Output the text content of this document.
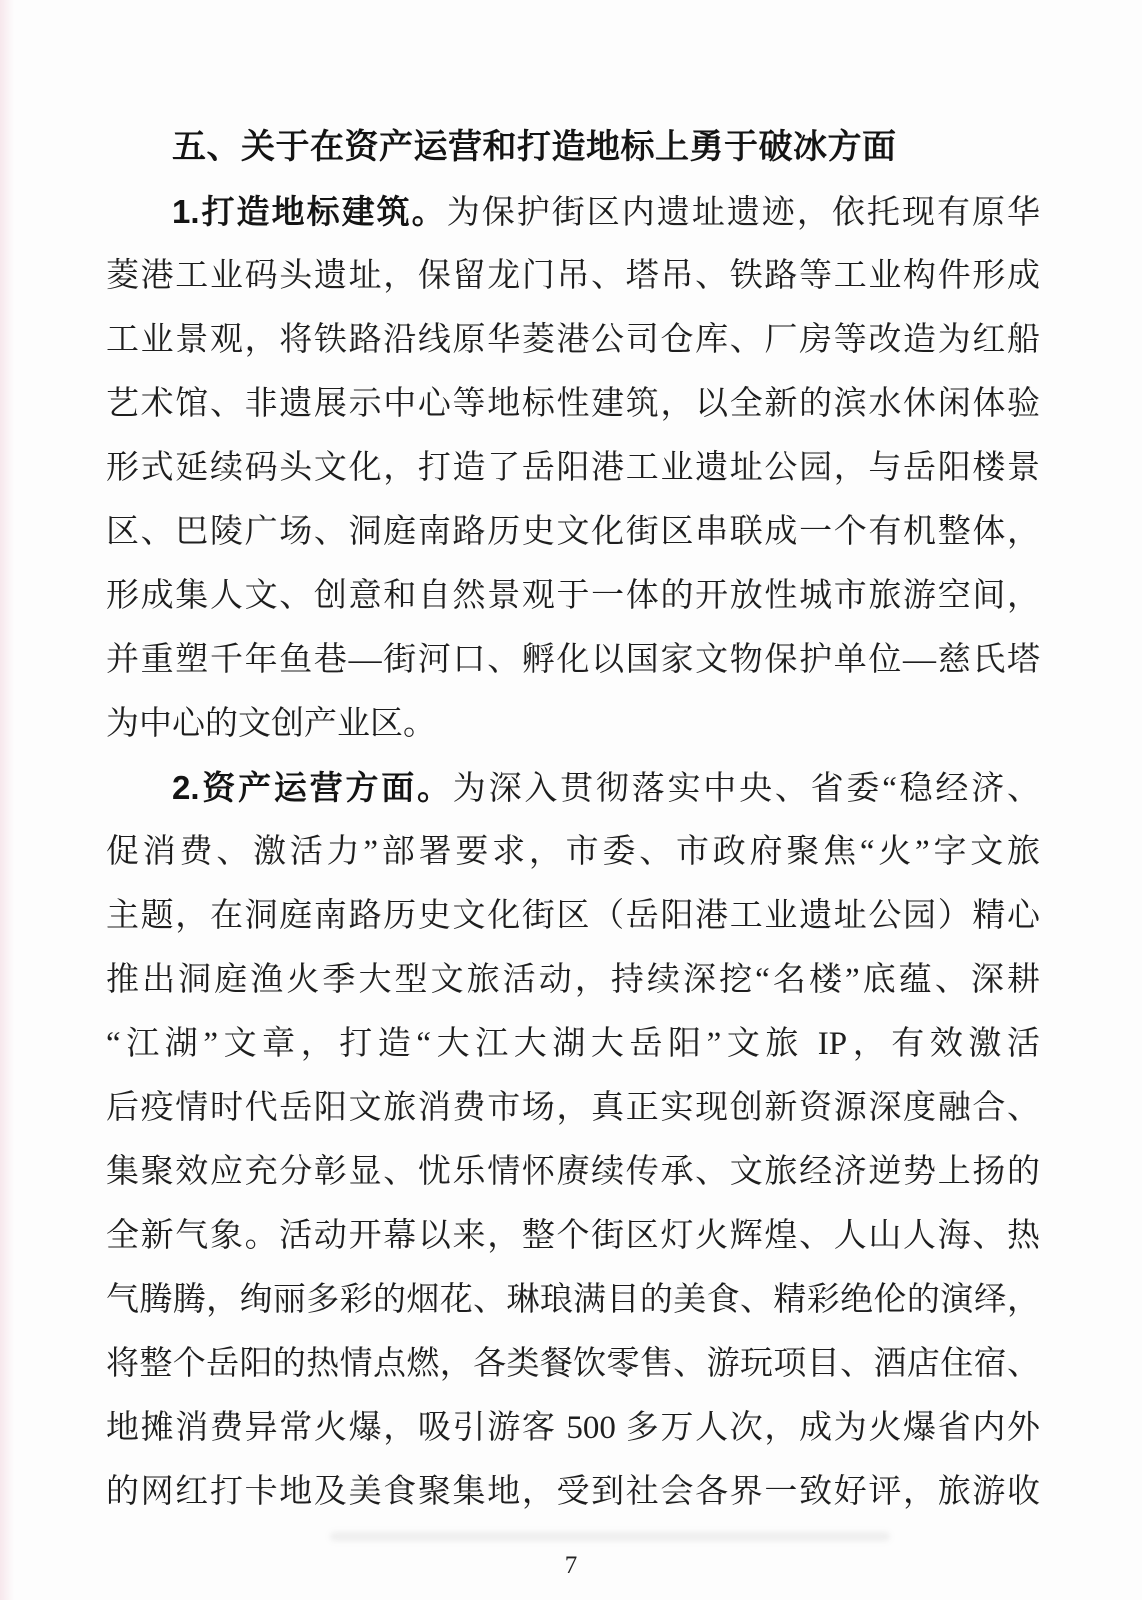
五、关于在资产运营和打造地标上勇于破冰方面
1.打造地标建筑。为保护街区内遗址遗迹，依托现有原华
菱港工业码头遗址，保留龙门吊、塔吊、铁路等工业构件形成
工业景观，将铁路沿线原华菱港公司仓库、厂房等改造为红船
艺术馆、非遗展示中心等地标性建筑，以全新的滨水休闲体验
形式延续码头文化，打造了岳阳港工业遗址公园，与岳阳楼景
区、巴陵广场、洞庭南路历史文化街区串联成一个有机整体，
形成集人文、创意和自然景观于一体的开放性城市旅游空间，
并重塑千年鱼巷—街河口、孵化以国家文物保护单位—慈氏塔
为中心的文创产业区。
2.资产运营方面。为深入贯彻落实中央、省委“稳经济、
促消费、激活力”部署要求，市委、市政府聚焦“火”字文旅
主题，在洞庭南路历史文化街区（岳阳港工业遗址公园）精心
推出洞庭渔火季大型文旅活动，持续深挖“名楼”底蕴、深耕
“江湖”文章，打造“大江大湖大岳阳”文旅 IP，有效激活
后疫情时代岳阳文旅消费市场，真正实现创新资源深度融合、
集聚效应充分彰显、忧乐情怀赓续传承、文旅经济逆势上扬的
全新气象。活动开幕以来，整个街区灯火辉煌、人山人海、热
气腾腾，绚丽多彩的烟花、琳琅满目的美食、精彩绝伦的演绎，
将整个岳阳的热情点燃，各类餐饮零售、游玩项目、酒店住宿、
地摊消费异常火爆，吸引游客 500 多万人次，成为火爆省内外
的网红打卡地及美食聚集地，受到社会各界一致好评，旅游收
7
